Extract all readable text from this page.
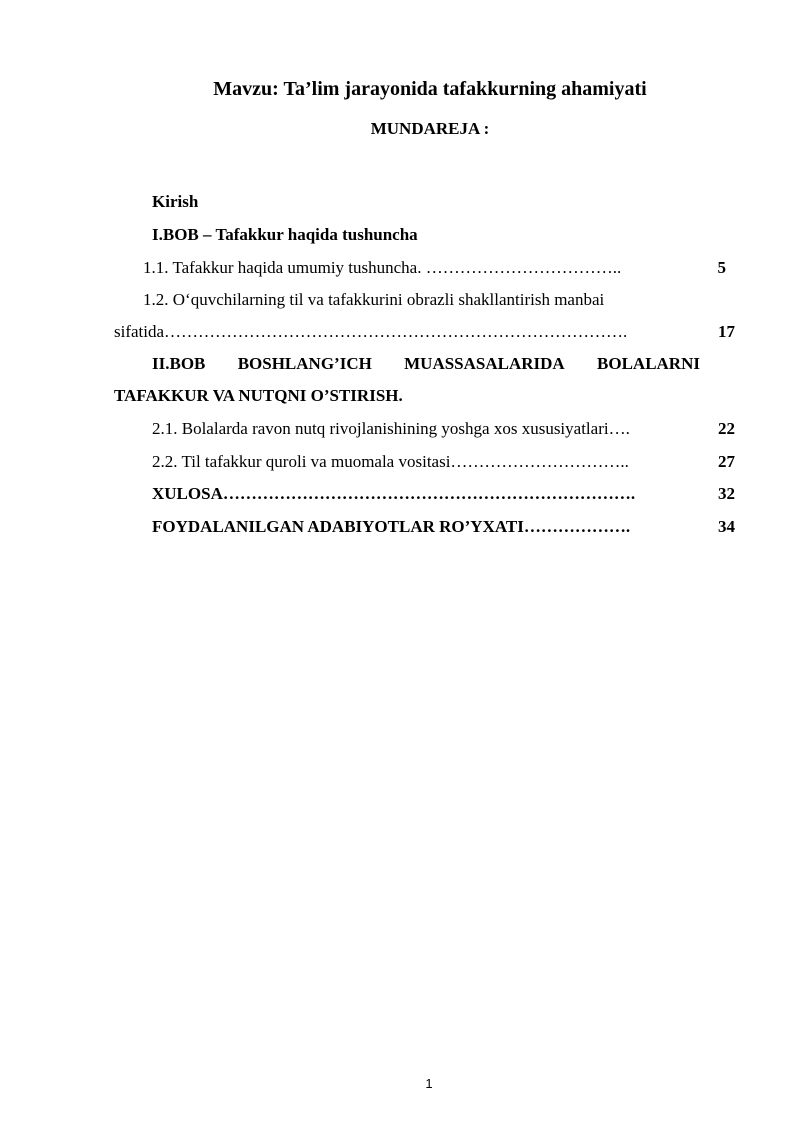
Mavzu: Ta’lim jarayonida tafakkurning ahamiyati
MUNDAREJA :
Kirish
I.BOB – Tafakkur haqida tushuncha
1.1. Tafakkur haqida umumiy tushuncha. ……………………………..	5
1.2. O‘quvchilarning til va tafakkurini obrazli shakllantirish manbai
sifatida……………………………………………………………………….	17
II.BOB BOSHLANG’ICH MUASSASALARIDA BOLALARNI
TAFAKKUR VA NUTQNI O’STIRISH.
2.1. Bolalarda ravon nutq rivojlanishining yoshga xos xususiyatlari….	22
2.2. Til tafakkur quroli va muomala vositasi…………………………..	27
XULOSA……………………………………………………………….	32
FOYDALANILGAN ADABIYOTLAR RO’YXATI……………….	34
1
